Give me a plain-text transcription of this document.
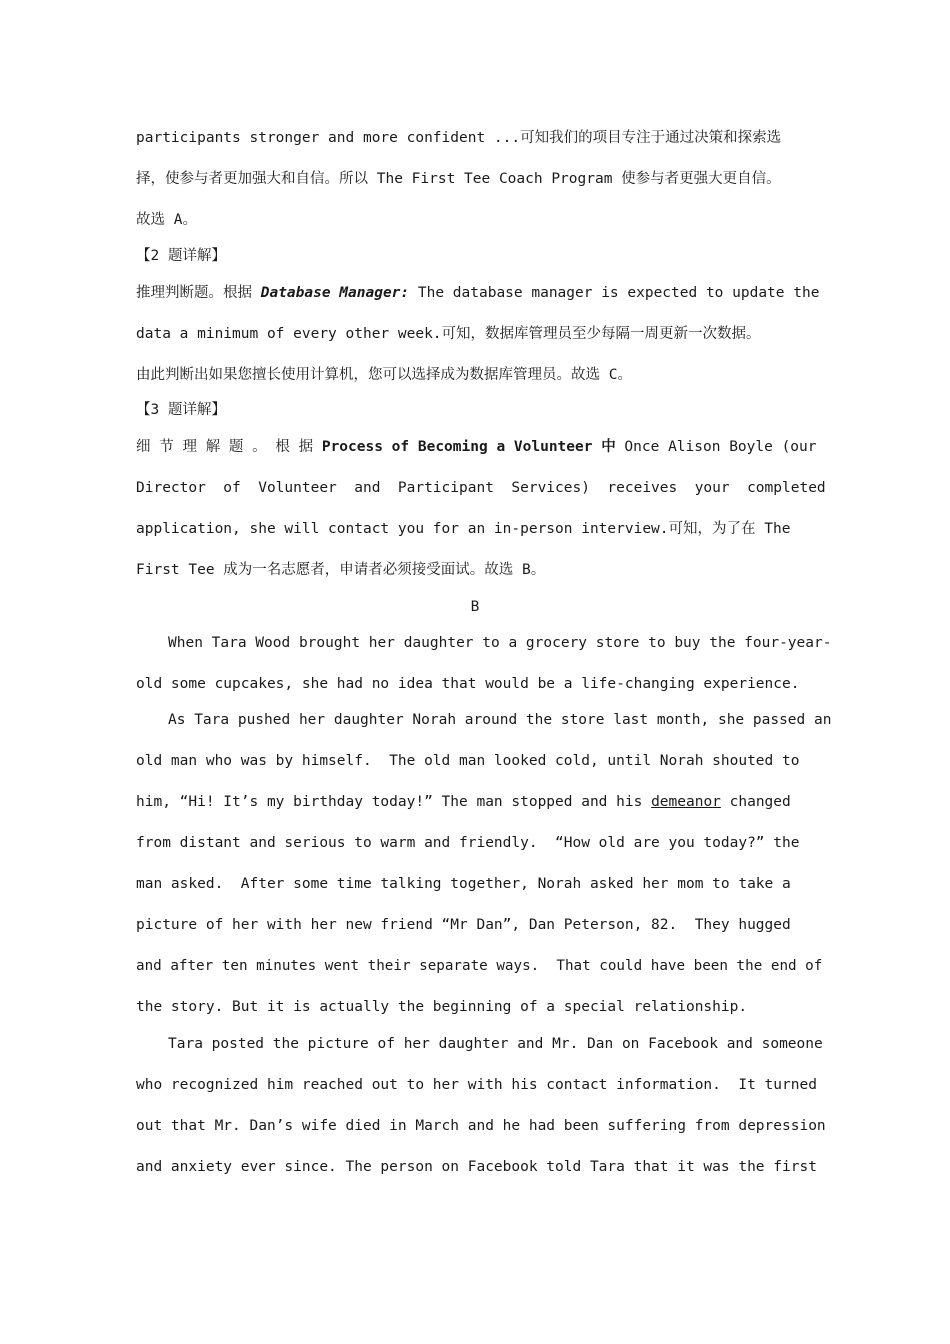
participants stronger and more confident ...可知我们的项目专注于通过决策和探索选
择，使参与者更加强大和自信。所以 The First Tee Coach Program 使参与者更强大更自信。
故选 A。
【2 题详解】
推理判断题。根据 Database Manager: The database manager is expected to update the
data a minimum of every other week.可知，数据库管理员至少每隔一周更新一次数据。
由此判断出如果您擅长使用计算机，您可以选择成为数据库管理员。故选 C。
【3 题详解】
细 节 理 解 题 。 根 据 Process of Becoming a Volunteer 中 Once Alison Boyle (our
Director  of  Volunteer  and  Participant  Services)  receives  your  completed
application, she will contact you for an in-person interview.可知，为了在 The
First Tee 成为一名志愿者，申请者必须接受面试。故选 B。
B
When Tara Wood brought her daughter to a grocery store to buy the four-year-
old some cupcakes, she had no idea that would be a life-changing experience.
As Tara pushed her daughter Norah around the store last month, she passed an
old man who was by himself.  The old man looked cold, until Norah shouted to
him, “Hi! It’s my birthday today!” The man stopped and his demeanor changed
from distant and serious to warm and friendly.  “How old are you today?” the
man asked.  After some time talking together, Norah asked her mom to take a
picture of her with her new friend “Mr Dan”, Dan Peterson, 82.  They hugged
and after ten minutes went their separate ways.  That could have been the end of
the story. But it is actually the beginning of a special relationship.
Tara posted the picture of her daughter and Mr. Dan on Facebook and someone
who recognized him reached out to her with his contact information.  It turned
out that Mr. Dan’s wife died in March and he had been suffering from depression
and anxiety ever since. The person on Facebook told Tara that it was the first
